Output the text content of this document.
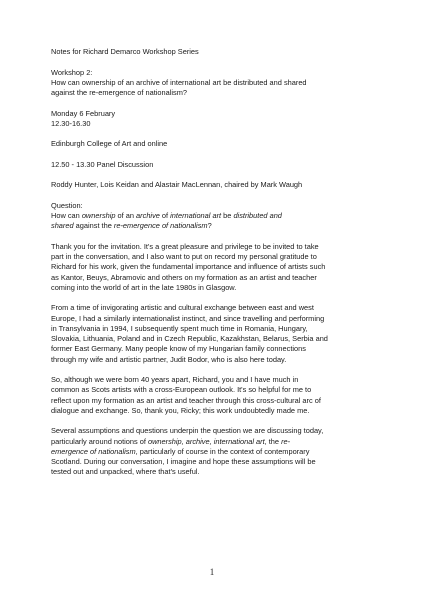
Notes for Richard Demarco Workshop Series
Workshop 2:
How can ownership of an archive of international art be distributed and shared
against the re-emergence of nationalism?
Monday 6 February
12.30-16.30
Edinburgh College of Art and online
12.50 - 13.30 Panel Discussion
Roddy Hunter, Lois Keidan and Alastair MacLennan, chaired by Mark Waugh
Question:
How can ownership of an archive of international art be distributed and
shared against the re-emergence of nationalism?
Thank you for the invitation. It's a great pleasure and privilege to be invited to take
part in the conversation, and I also want to put on record my personal gratitude to
Richard for his work, given the fundamental importance and influence of artists such
as Kantor, Beuys, Abramovic and others on my formation as an artist and teacher
coming into the world of art in the late 1980s in Glasgow.
From a time of invigorating artistic and cultural exchange between east and west
Europe, I had a similarly internationalist instinct, and since travelling and performing
in Transylvania in 1994, I subsequently spent much time in Romania, Hungary,
Slovakia, Lithuania, Poland and in Czech Republic, Kazakhstan, Belarus, Serbia and
former East Germany. Many people know of my Hungarian family connections
through my wife and artistic partner, Judit Bodor, who is also here today.
So, although we were born 40 years apart, Richard, you and I have much in
common as Scots artists with a cross-European outlook. It's so helpful for me to
reflect upon my formation as an artist and teacher through this cross-cultural arc of
dialogue and exchange. So, thank you, Ricky; this work undoubtedly made me.
Several assumptions and questions underpin the question we are discussing today,
particularly around notions of ownership, archive, international art, the re-
emergence of nationalism, particularly of course in the context of contemporary
Scotland. During our conversation, I imagine and hope these assumptions will be
tested out and unpacked, where that's useful.
1
